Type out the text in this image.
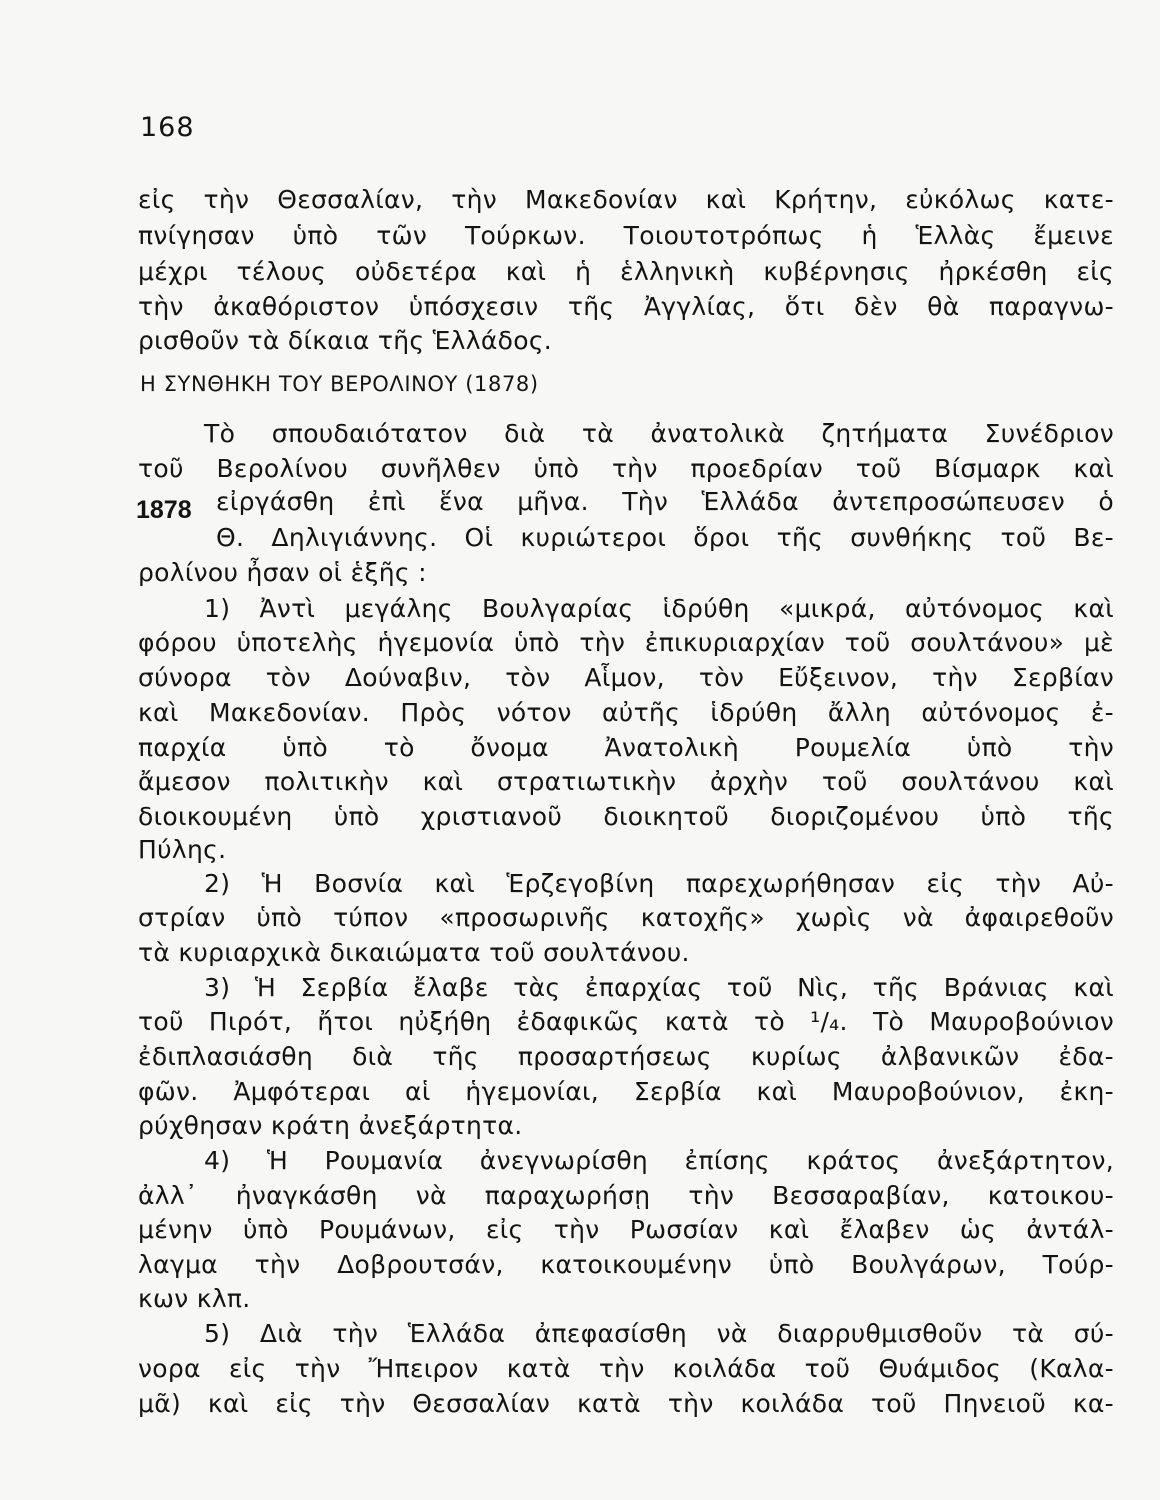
168
εἰς τὴν Θεσσαλίαν, τὴν Μακεδονίαν καὶ Κρήτην, εὐκόλως κατε-
πνίγησαν ὑπὸ τῶν Τούρκων. Τοιουτοτρόπως ἡ Ἑλλὰς ἔμεινε
μέχρι τέλους οὐδετέρα καὶ ἡ ἑλληνικὴ κυβέρνησις ἠρκέσθη εἰς
τὴν ἀκαθόριστον ὑπόσχεσιν τῆς Ἀγγλίας, ὅτι δὲν θὰ παραγνω-
ρισθοῦν τὰ δίκαια τῆς Ἑλλάδος.
Η ΣΥΝΘΗΚΗ ΤΟΥ ΒΕΡΟΛΙΝΟΥ (1878)
Τὸ σπουδαιότατον διὰ τὰ ἀνατολικὰ ζητήματα Συνέδριον
τοῦ Βερολίνου συνῆλθεν ὑπὸ τὴν προεδρίαν τοῦ Βίσμαρκ καὶ
1878 εἰργάσθη ἐπὶ ἕνα μῆνα. Τὴν Ἑλλάδα ἀντεπροσώπευσεν ὁ
Θ. Δηλιγιάννης. Οἱ κυριώτεροι ὅροι τῆς συνθήκης τοῦ Βε-
ρολίνου ἦσαν οἱ ἑξῆς :
1) Ἀντὶ μεγάλης Βουλγαρίας ἱδρύθη «μικρά, αὐτόνομος καὶ
φόρου ὑποτελὴς ἡγεμονία ὑπὸ τὴν ἐπικυριαρχίαν τοῦ σουλτάνου» μὲ
σύνορα τὸν Δούναβιν, τὸν Αἷμον, τὸν Εὔξεινον, τὴν Σερβίαν
καὶ Μακεδονίαν. Πρὸς νότον αὐτῆς ἱδρύθη ἄλλη αὐτόνομος ἐ-
παρχία ὑπὸ τὸ ὄνομα Ἀνατολικὴ Ρουμελία ὑπὸ τὴν
ἄμεσον πολιτικὴν καὶ στρατιωτικὴν ἀρχὴν τοῦ σουλτάνου καὶ
διοικουμένη ὑπὸ χριστιανοῦ διοικητοῦ διοριζομένου ὑπὸ τῆς
Πύλης.
2) Ἡ Βοσνία καὶ Ἑρζεγοβίνη παρεχωρήθησαν εἰς τὴν Αὐ-
στρίαν ὑπὸ τύπον «προσωρινῆς κατοχῆς» χωρὶς νὰ ἀφαιρεθοῦν
τὰ κυριαρχικὰ δικαιώματα τοῦ σουλτάνου.
3) Ἡ Σερβία ἔλαβε τὰς ἐπαρχίας τοῦ Νὶς, τῆς Βράνιας καὶ
τοῦ Πιρότ, ἤτοι ηὐξήθη ἐδαφικῶς κατὰ τὸ ¹/₄. Τὸ Μαυροβούνιον
ἐδιπλασιάσθη διὰ τῆς προσαρτήσεως κυρίως ἀλβανικῶν ἐδα-
φῶν. Ἀμφότεραι αἱ ἡγεμονίαι, Σερβία καὶ Μαυροβούνιον, ἐκη-
ρύχθησαν κράτη ἀνεξάρτητα.
4) Ἡ Ρουμανία ἀνεγνωρίσθη ἐπίσης κράτος ἀνεξάρτητον,
ἀλλ᾽ ἠναγκάσθη νὰ παραχωρήσῃ τὴν Βεσσαραβίαν, κατοικου-
μένην ὑπὸ Ρουμάνων, εἰς τὴν Ρωσσίαν καὶ ἔλαβεν ὡς ἀντάλ-
λαγμα τὴν Δοβρουτσάν, κατοικουμένην ὑπὸ Βουλγάρων, Τούρ-
κων κλπ.
5) Διὰ τὴν Ἑλλάδα ἀπεφασίσθη νὰ διαρρυθμισθοῦν τὰ σύ-
νορα εἰς τὴν Ἤπειρον κατὰ τὴν κοιλάδα τοῦ Θυάμιδος (Καλα-
μᾶ) καὶ εἰς τὴν Θεσσαλίαν κατὰ τὴν κοιλάδα τοῦ Πηνειοῦ κα-
